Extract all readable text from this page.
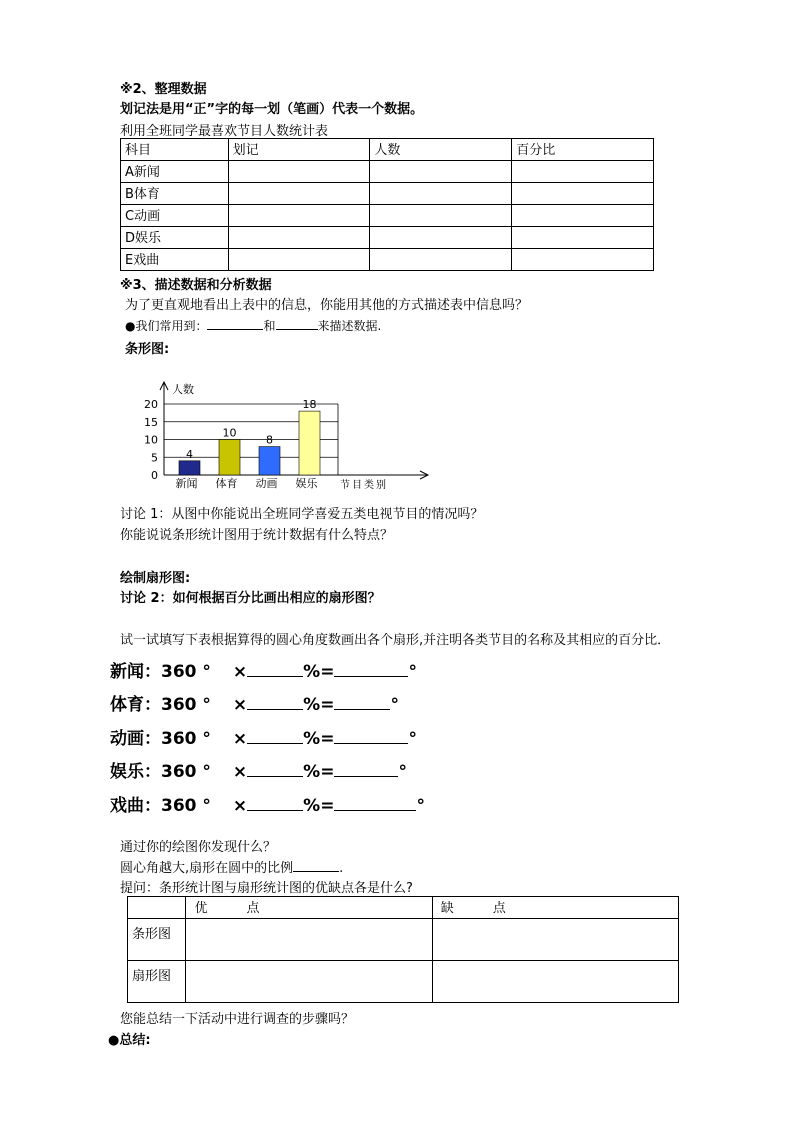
※2、整理数据
划记法是用“正”字的每一划（笔画）代表一个数据。
利用全班同学最喜欢节目人数统计表
科目	划记	人数	百分比
A新闻			
B体育			
C动画			
D娱乐			
E戏曲			
※3、描述数据和分析数据
为了更直观地看出上表中的信息，你能用其他的方式描述表中信息吗？
●我们常用到：	和	来描述数据.
条形图:
0
5
10
15
20
人数
节目类别
4
新闻
10
体育
8
动画
18
娱乐
讨论 1：从图中你能说出全班同学喜爱五类电视节目的情况吗？
你能说说条形统计图用于统计数据有什么特点？
绘制扇形图:
讨论 2：如何根据百分比画出相应的扇形图？
试一试填写下表根据算得的圆心角度数画出各个扇形,并注明各类节目的名称及其相应的百分比．
新闻：360 ° ×	%=	°
体育：360 ° ×	%=	°
动画：360 ° ×	%=	°
娱乐：360 ° ×	%=	°
戏曲：360 ° ×	%=	°
通过你的绘图你发现什么？
圆心角越大,扇形在圆中的比例	.
提问：条形统计图与扇形统计图的优缺点各是什么?
	优　　　点	缺　　　点
条形图		
扇形图		
您能总结一下活动中进行调查的步骤吗？
●总结:
